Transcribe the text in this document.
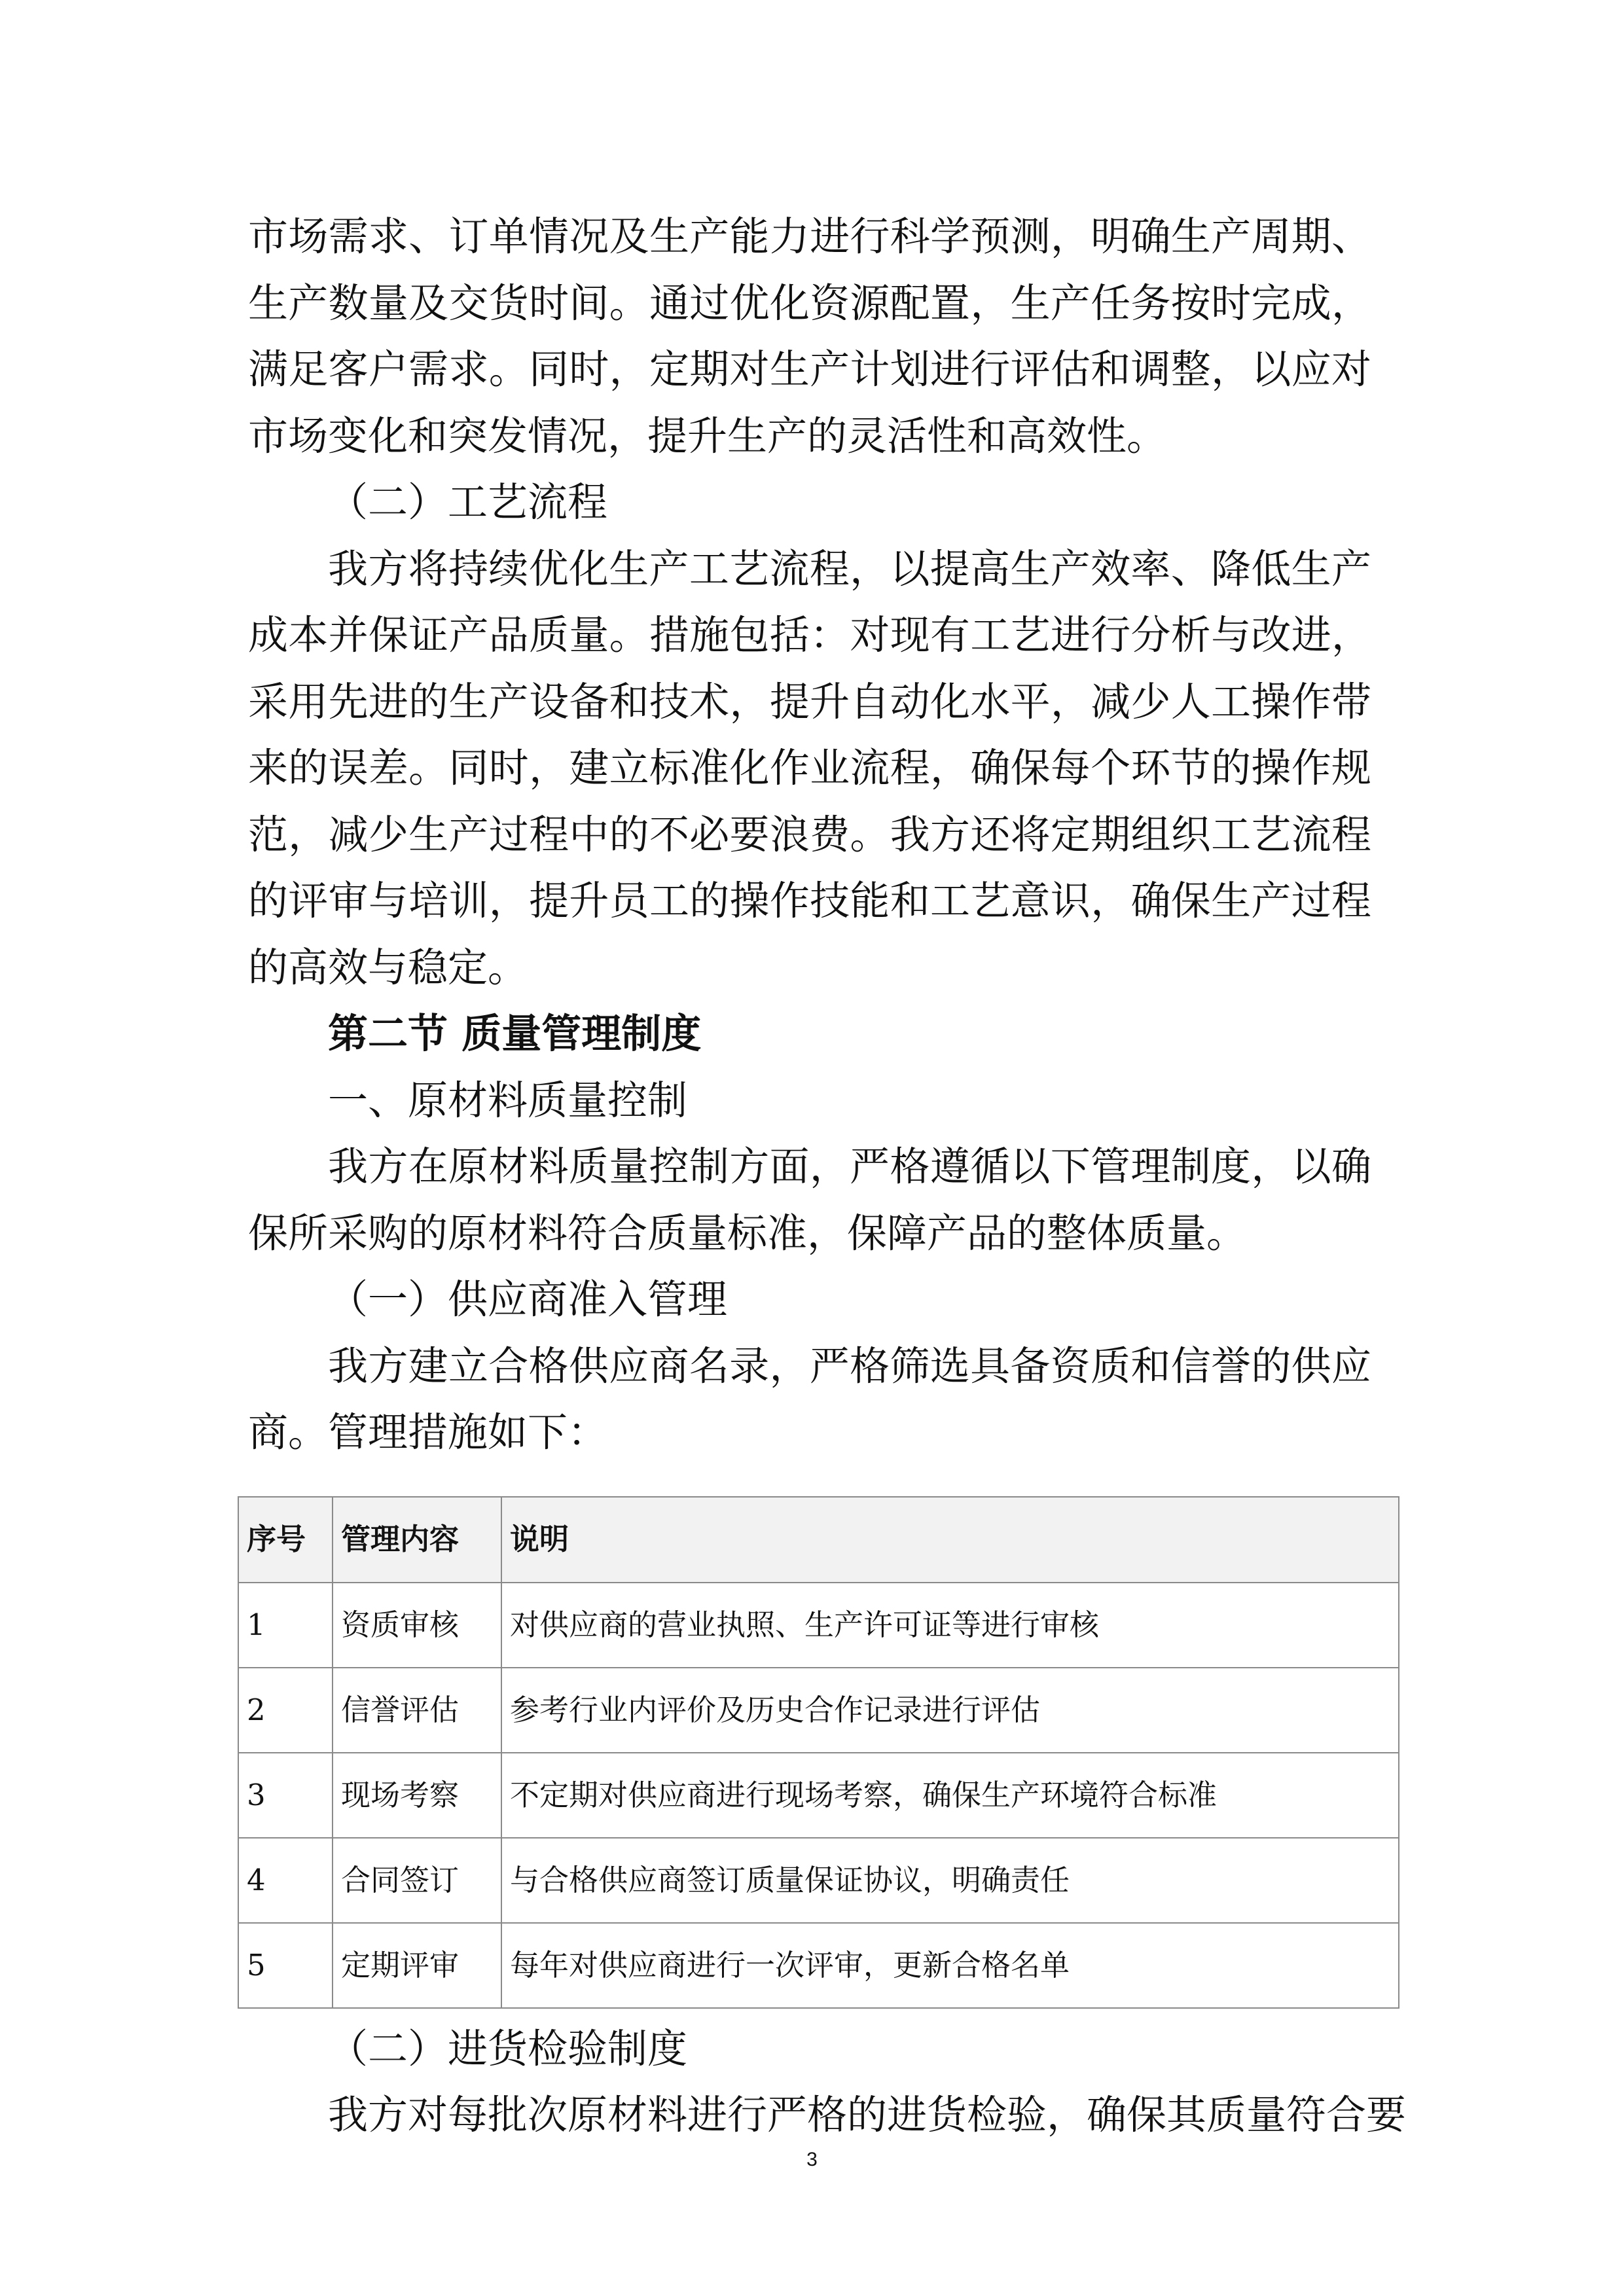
市场需求、订单情况及生产能力进行科学预测，明确生产周期、生产数量及交货时间。通过优化资源配置，生产任务按时完成，满足客户需求。同时，定期对生产计划进行评估和调整，以应对市场变化和突发情况，提升生产的灵活性和高效性。

（二）工艺流程

我方将持续优化生产工艺流程，以提高生产效率、降低生产成本并保证产品质量。措施包括：对现有工艺进行分析与改进，采用先进的生产设备和技术，提升自动化水平，减少人工操作带来的误差。同时，建立标准化作业流程，确保每个环节的操作规范，减少生产过程中的不必要浪费。我方还将定期组织工艺流程的评审与培训，提升员工的操作技能和工艺意识，确保生产过程的高效与稳定。

第二节 质量管理制度

一、原材料质量控制

我方在原材料质量控制方面，严格遵循以下管理制度，以确保所采购的原材料符合质量标准，保障产品的整体质量。

（一）供应商准入管理

我方建立合格供应商名录，严格筛选具备资质和信誉的供应商。管理措施如下：

序号	管理内容	说明
1	资质审核	对供应商的营业执照、生产许可证等进行审核
2	信誉评估	参考行业内评价及历史合作记录进行评估
3	现场考察	不定期对供应商进行现场考察，确保生产环境符合标准
4	合同签订	与合格供应商签订质量保证协议，明确责任
5	定期评审	每年对供应商进行一次评审，更新合格名单

（二）进货检验制度

我方对每批次原材料进行严格的进货检验，确保其质量符合要

3
